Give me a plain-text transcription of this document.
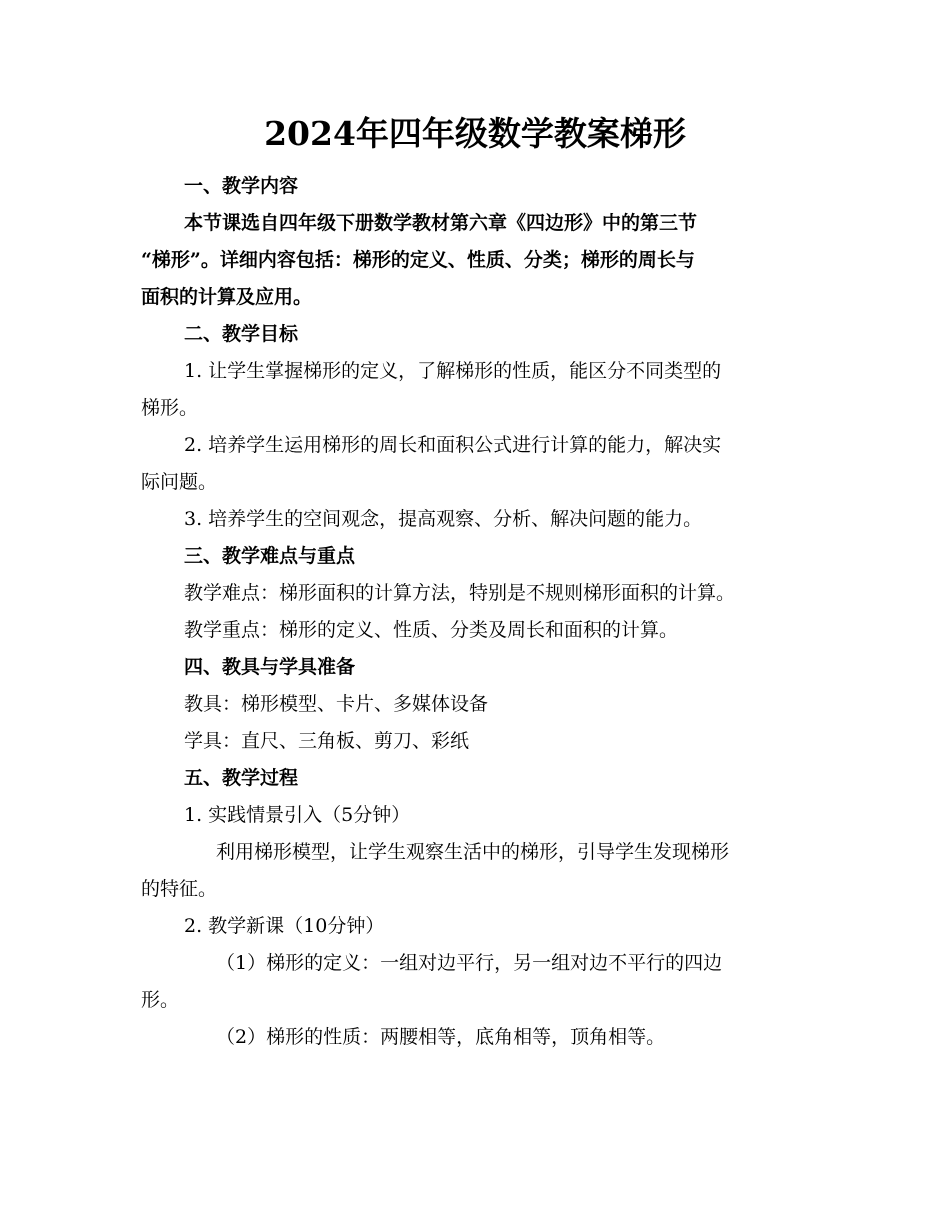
2024年四年级数学教案梯形
一、教学内容
本节课选自四年级下册数学教材第六章《四边形》中的第三节
“梯形”。详细内容包括：梯形的定义、性质、分类；梯形的周长与
面积的计算及应用。
二、教学目标
1. 让学生掌握梯形的定义，了解梯形的性质，能区分不同类型的
梯形。
2. 培养学生运用梯形的周长和面积公式进行计算的能力，解决实
际问题。
3. 培养学生的空间观念，提高观察、分析、解决问题的能力。
三、教学难点与重点
教学难点：梯形面积的计算方法，特别是不规则梯形面积的计算。
教学重点：梯形的定义、性质、分类及周长和面积的计算。
四、教具与学具准备
教具：梯形模型、卡片、多媒体设备
学具：直尺、三角板、剪刀、彩纸
五、教学过程
1. 实践情景引入（5分钟）
利用梯形模型，让学生观察生活中的梯形，引导学生发现梯形
的特征。
2. 教学新课（10分钟）
（1）梯形的定义：一组对边平行，另一组对边不平行的四边
形。
（2）梯形的性质：两腰相等，底角相等，顶角相等。
